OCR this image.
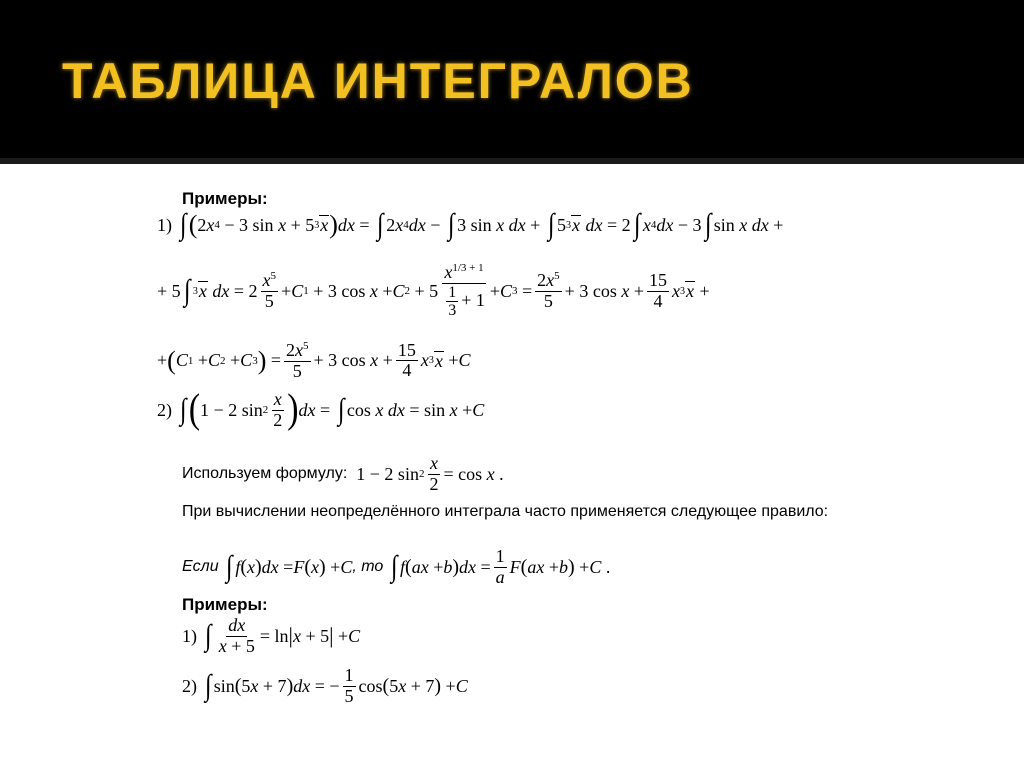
ТАБЛИЦА ИНТЕГРАЛОВ
Примеры:
1)
∫ ( 2 x 4 − 3 sin x + 5 3 x ) dx = ∫ 2 x 4 dx − ∫ 3 sin x dx + ∫ 5 3 x
dx = 2 ∫ x 4 dx − 3 ∫ sin x dx +
+ 5 ∫ 3 x
dx = $2 \frac{x^5}{5} + C$ 1 + 3 cos x + C $2 + 5 \frac{x^{1/3 + 1}}{\frac{1}{3} + 1} + C$ $3 = \frac{2x^5}{5} + 3$ $\cos x + \frac{15}{4}$ x 3 x +
+ ( C 1 + C 2 + C 3 ) = $\frac{2x^5}{5} + 3$ $\cos x + \frac{15}{4}$ x 3 x + C
2)
∫ ( 1 − 2 $\sin 2 \frac{x}{2}$ ) dx = ∫ cos x dx = sin x + C
Используем формулу: 1 − 2 $\sin 2 \frac{x}{2} = \cos x$ .
При вычислении неопределённого интеграла часто применяется следующее правило:
Если
∫ f ( x ) dx = F ( x ) + C , то
∫ f ( ax + b ) dx = $\frac{1}{a}$ F ( ax + b ) + C .
Примеры:
1)
∫ $\frac{dx}{x + 5} = \ln$ | x + 5 | + C
2)
∫ sin ( 5 x + 7 ) dx = − $\frac{1}{5}$ cos ( 5 x + 7 ) + C
